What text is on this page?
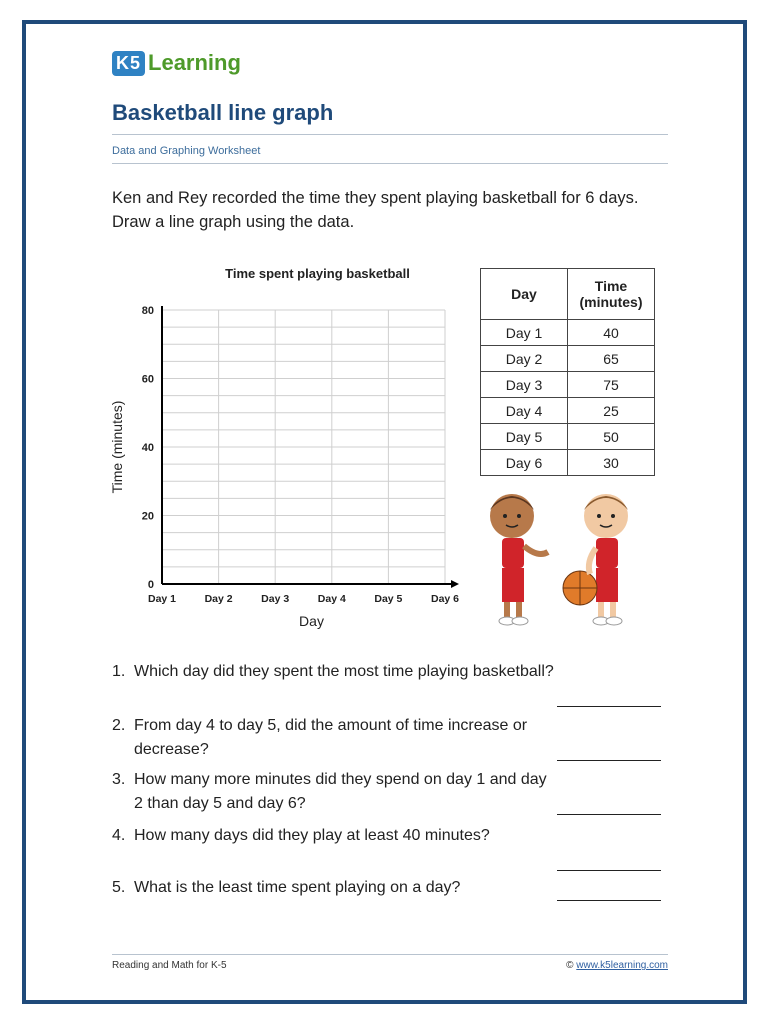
K5 Learning
Basketball line graph
Data and Graphing Worksheet
Ken and Rey recorded the time they spent playing basketball for 6 days. Draw a line graph using the data.
0
20
40
60
80
Day 1	Day 2	Day 3	Day 4	Day 5	Day 6
Time spent playing basketball
Day
Time (minutes)
Day	Time (minutes)
Day 1	40
Day 2	65
Day 3	75
Day 4	25
Day 5	50
Day 6	30
1. Which day did they spent the most time playing basketball?
2. From day 4 to day 5, did the amount of time increase or decrease?
3. How many more minutes did they spend on day 1 and day 2 than day 5 and day 6?
4. How many days did they play at least 40 minutes?
5. What is the least time spent playing on a day?
Reading and Math for K-5	© www.k5learning.com
